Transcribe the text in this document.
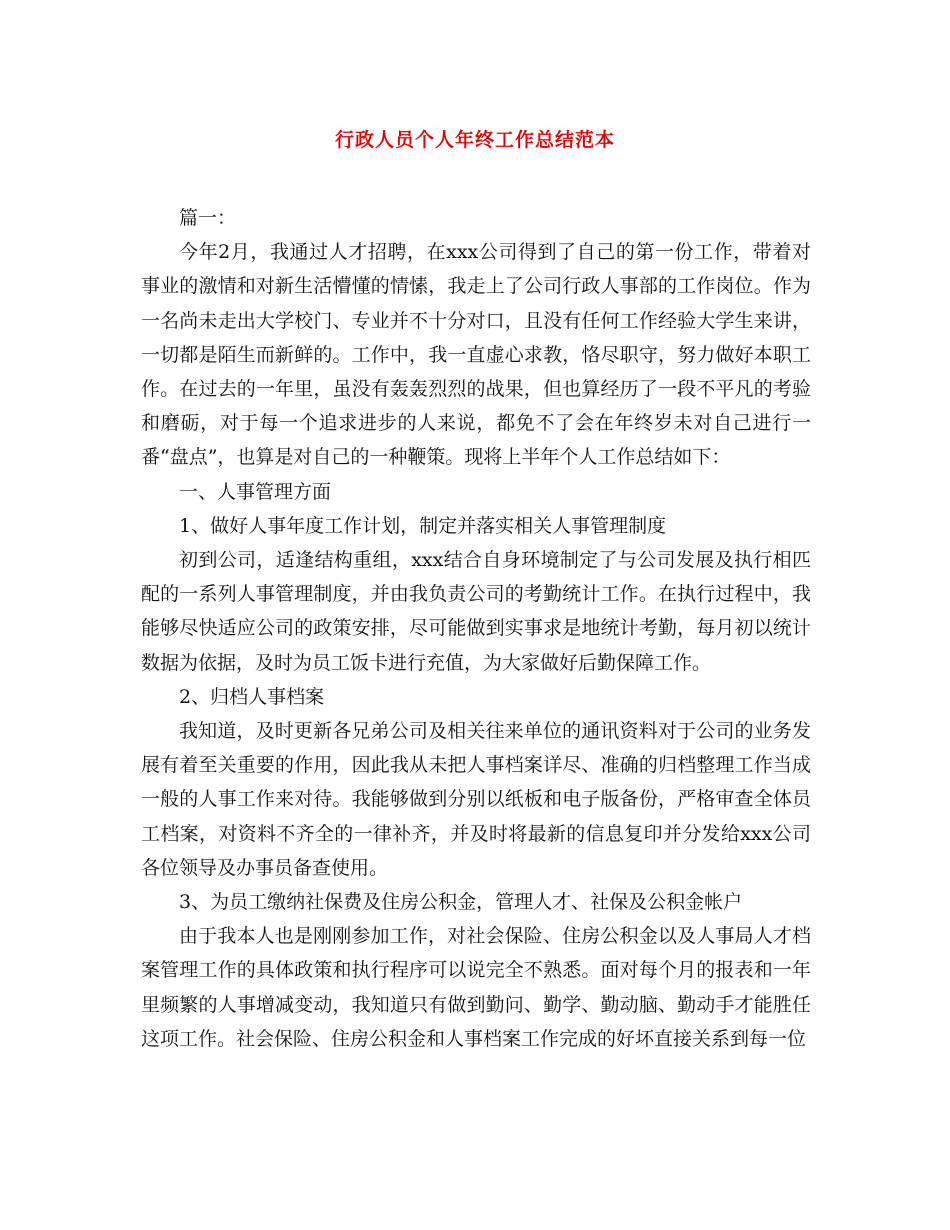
行政人员个人年终工作总结范本

篇一：

今年2月，我通过人才招聘，在xxx公司得到了自己的第一份工作，带着对事业的激情和对新生活懵懂的情愫，我走上了公司行政人事部的工作岗位。作为一名尚未走出大学校门、专业并不十分对口，且没有任何工作经验大学生来讲，一切都是陌生而新鲜的。工作中，我一直虚心求教，恪尽职守，努力做好本职工作。在过去的一年里，虽没有轰轰烈烈的战果，但也算经历了一段不平凡的考验和磨砺，对于每一个追求进步的人来说，都免不了会在年终岁未对自己进行一番“盘点”，也算是对自己的一种鞭策。现将上半年个人工作总结如下：

一、人事管理方面

1、做好人事年度工作计划，制定并落实相关人事管理制度

初到公司，适逢结构重组，xxx结合自身环境制定了与公司发展及执行相匹配的一系列人事管理制度，并由我负责公司的考勤统计工作。在执行过程中，我能够尽快适应公司的政策安排，尽可能做到实事求是地统计考勤，每月初以统计数据为依据，及时为员工饭卡进行充值，为大家做好后勤保障工作。

2、归档人事档案

我知道，及时更新各兄弟公司及相关往来单位的通讯资料对于公司的业务发展有着至关重要的作用，因此我从未把人事档案详尽、准确的归档整理工作当成一般的人事工作来对待。我能够做到分别以纸板和电子版备份，严格审查全体员工档案，对资料不齐全的一律补齐，并及时将最新的信息复印并分发给xxx公司各位领导及办事员备查使用。

3、为员工缴纳社保费及住房公积金，管理人才、社保及公积金帐户

由于我本人也是刚刚参加工作，对社会保险、住房公积金以及人事局人才档案管理工作的具体政策和执行程序可以说完全不熟悉。面对每个月的报表和一年里频繁的人事增减变动，我知道只有做到勤问、勤学、勤动脑、勤动手才能胜任这项工作。社会保险、住房公积金和人事档案工作完成的好坏直接关系到每一位
